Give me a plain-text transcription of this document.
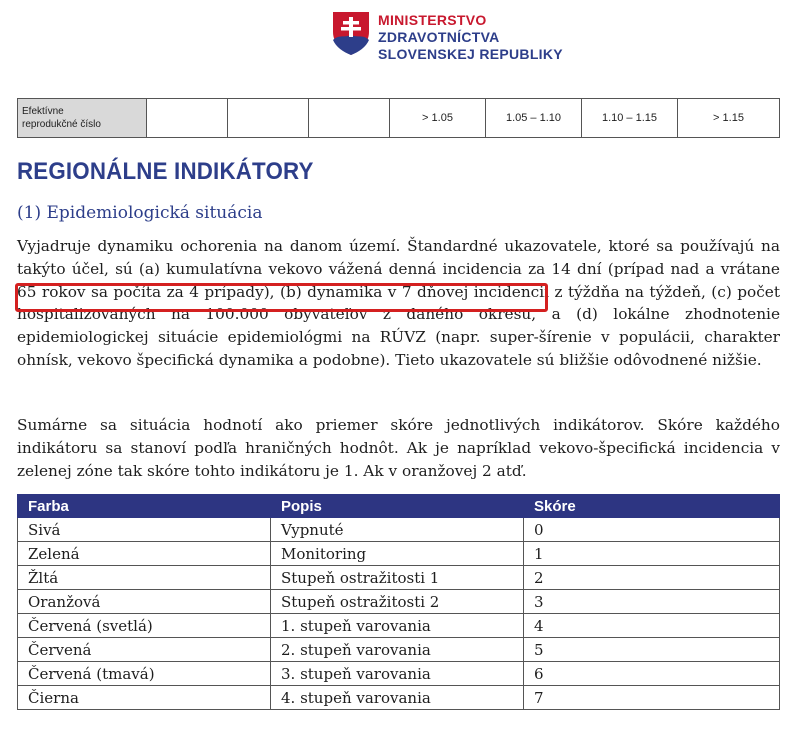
MINISTERSTVO
ZDRAVOTNÍCTVA
SLOVENSKEJ REPUBLIKY
Efektívne
reprodukčné číslo				> 1.05	1.05 – 1.10	1.10 – 1.15	> 1.15
REGIONÁLNE INDIKÁTORY
(1) Epidemiologická situácia

Vyjadruje dynamiku ochorenia na danom území. Štandardné ukazovatele, ktoré sa používajú na takýto účel, sú (a) kumulatívna vekovo vážená denná incidencia za 14 dní (prípad nad a vrátane 65 rokov sa počíta za 4 prípady), (b) dynamika v 7 dňovej incidencii z týždňa na týždeň, (c) počet hospitalizovaných na 100.000 obyvateľov z daného okresu, a (d) lokálne zhodnotenie epidemiologickej situácie epidemiológmi na RÚVZ (napr. super-šírenie v populácii, charakter ohnísk, vekovo špecifická dynamika a podobne). Tieto ukazovatele sú bližšie odôvodnené nižšie.

Sumárne sa situácia hodnotí ako priemer skóre jednotlivých indikátorov. Skóre každého indikátoru sa stanoví podľa hraničných hodnôt. Ak je napríklad vekovo-špecifická incidencia v zelenej zóne tak skóre tohto indikátoru je 1. Ak v oranžovej 2 atď.

Farba	Popis	Skóre
Sivá	Vypnuté	0
Zelená	Monitoring	1
Žltá	Stupeň ostražitosti 1	2
Oranžová	Stupeň ostražitosti 2	3
Červená (svetlá)	1. stupeň varovania	4
Červená	2. stupeň varovania	5
Červená (tmavá)	3. stupeň varovania	6
Čierna	4. stupeň varovania	7
